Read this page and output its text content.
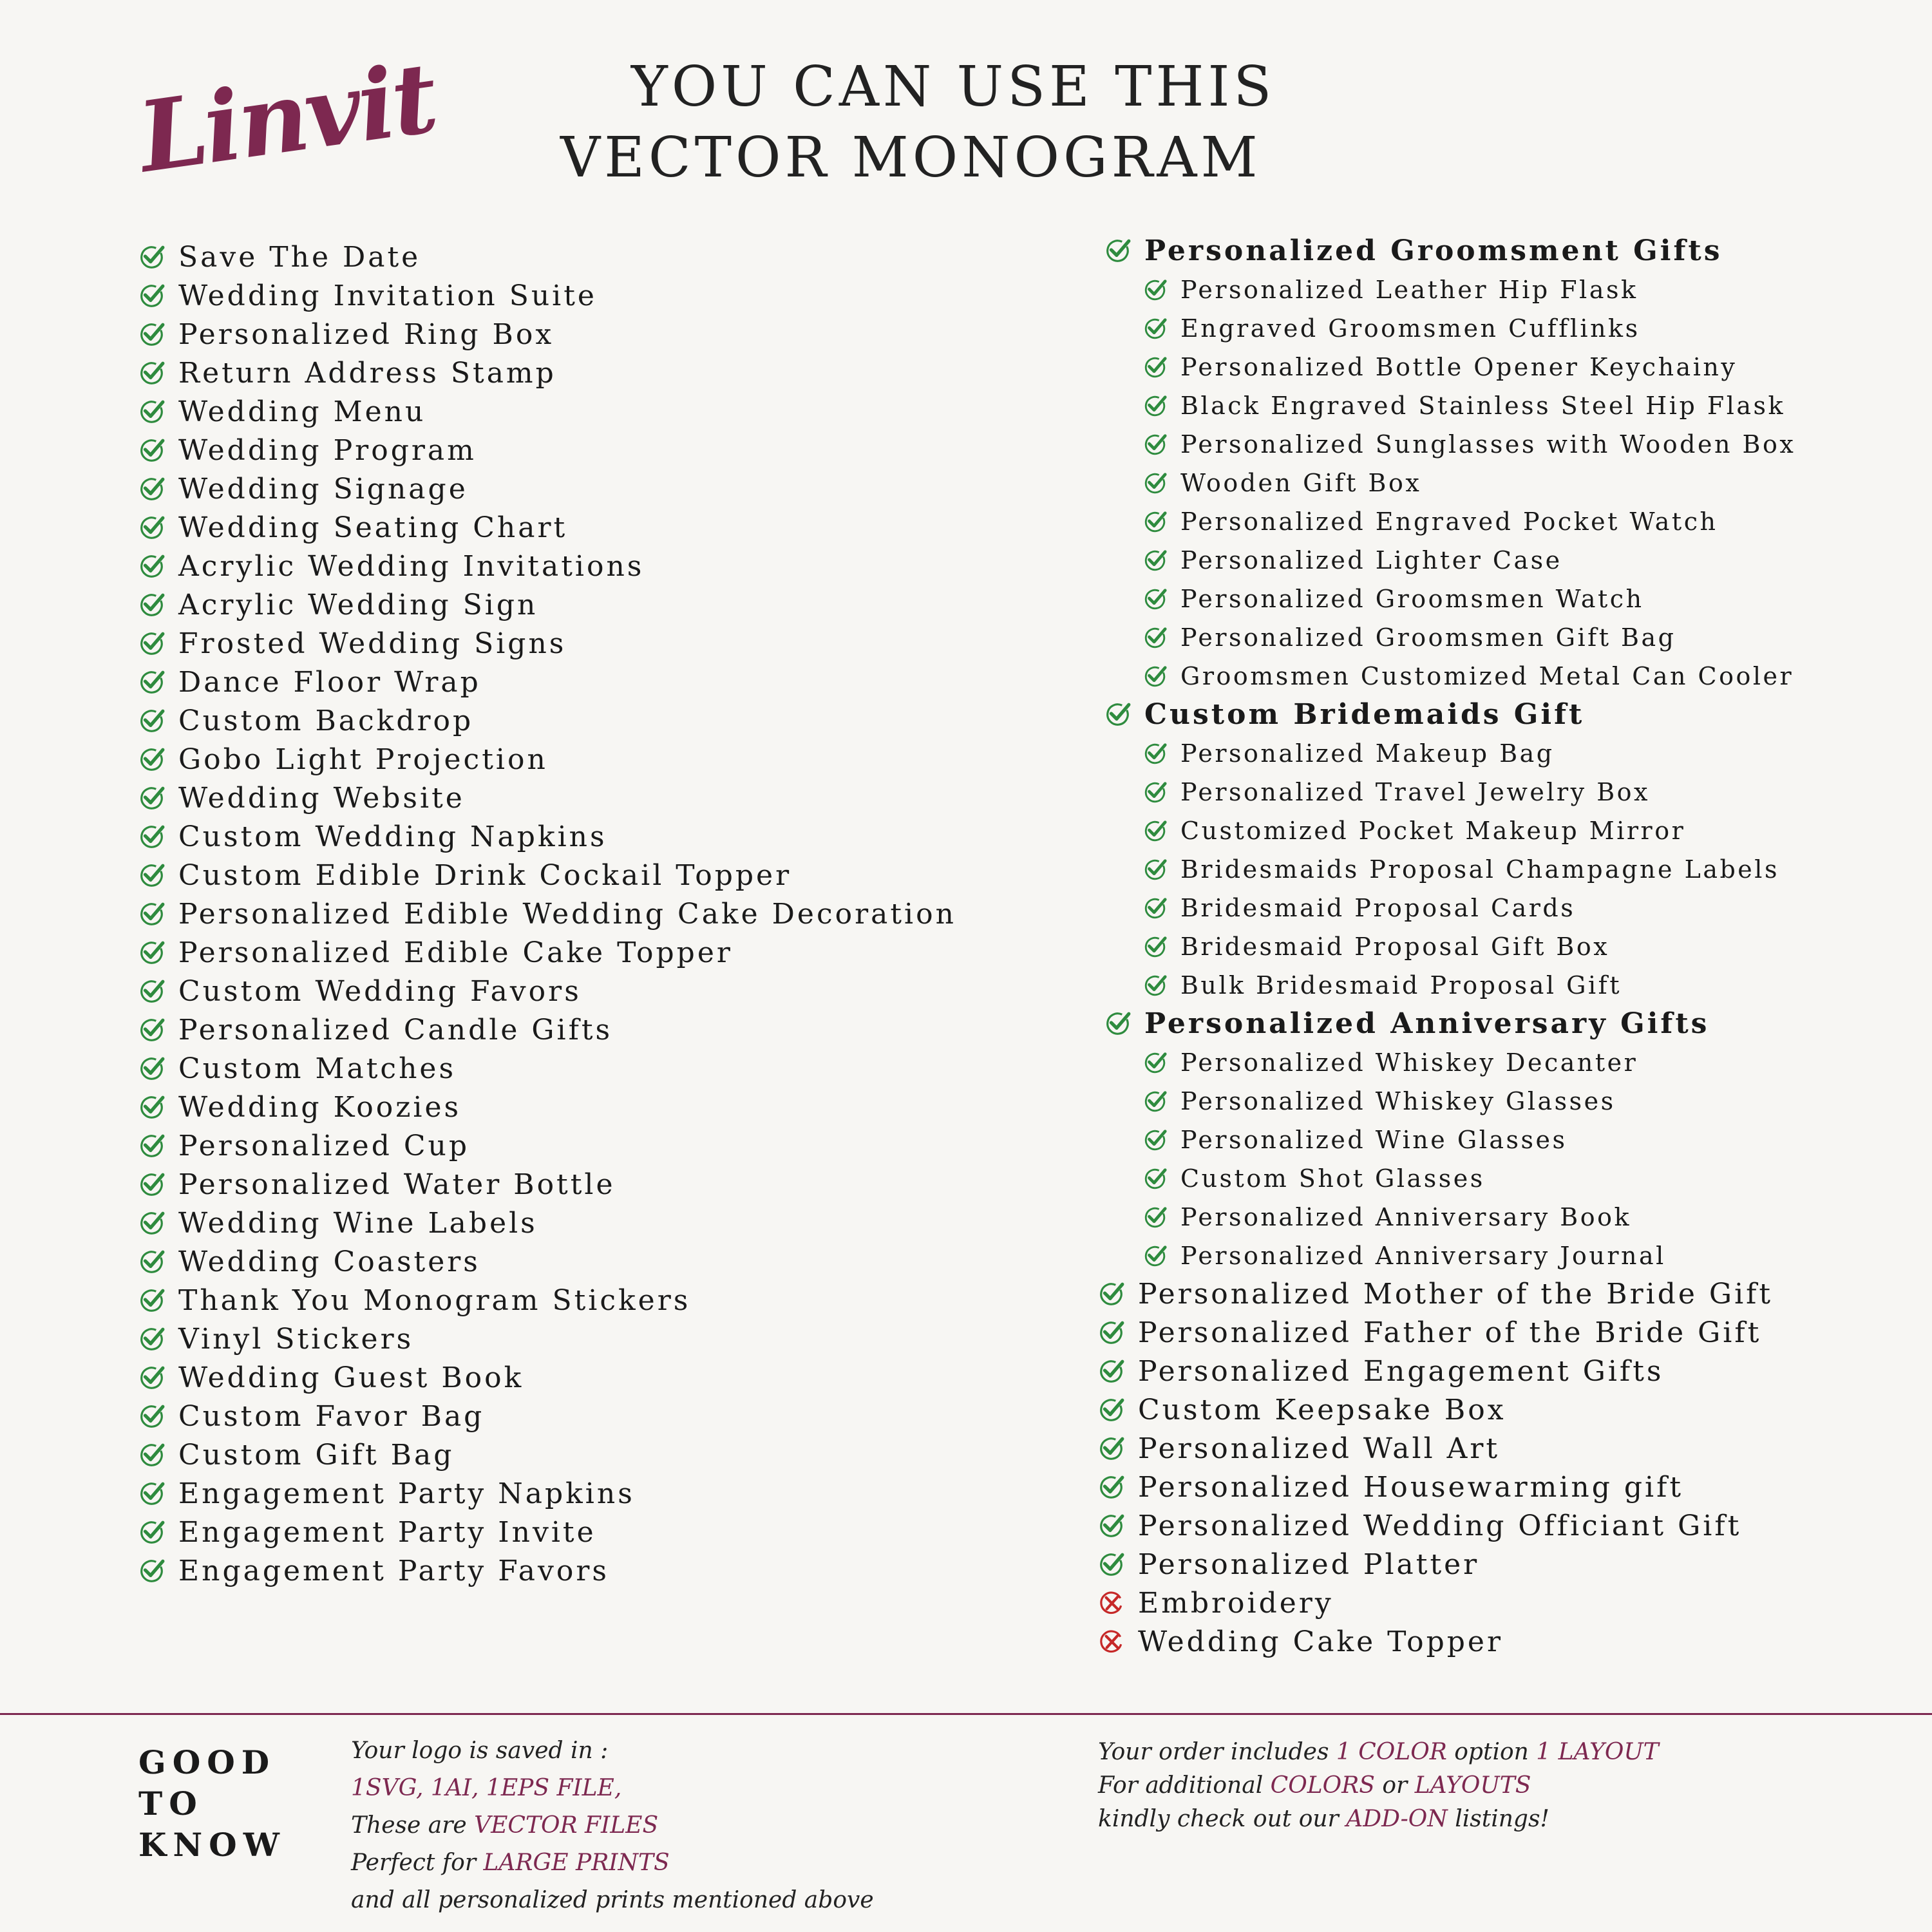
Linvit	YOU CAN USE THIS
VECTOR MONOGRAM
Save The Date
Wedding Invitation Suite
Personalized Ring Box
Return Address Stamp
Wedding Menu
Wedding Program
Wedding Signage
Wedding Seating Chart
Acrylic Wedding Invitations
Acrylic Wedding Sign
Frosted Wedding Signs
Dance Floor Wrap
Custom Backdrop
Gobo Light Projection
Wedding Website
Custom Wedding Napkins
Custom Edible Drink Cockail Topper
Personalized Edible Wedding Cake Decoration
Personalized Edible Cake Topper
Custom Wedding Favors
Personalized Candle Gifts
Custom Matches
Wedding Koozies
Personalized Cup
Personalized Water Bottle
Wedding Wine Labels
Wedding Coasters
Thank You Monogram Stickers
Vinyl Stickers
Wedding Guest Book
Custom Favor Bag
Custom Gift Bag
Engagement Party Napkins
Engagement Party Invite
Engagement Party Favors
Personalized Groomsment Gifts
Personalized Leather Hip Flask
Engraved Groomsmen Cufflinks
Personalized Bottle Opener Keychainy
Black Engraved Stainless Steel Hip Flask
Personalized Sunglasses with Wooden Box
Wooden Gift Box
Personalized Engraved Pocket Watch
Personalized Lighter Case
Personalized Groomsmen Watch
Personalized Groomsmen Gift Bag
Groomsmen Customized Metal Can Cooler
Custom Bridemaids Gift
Personalized Makeup Bag
Personalized Travel Jewelry Box
Customized Pocket Makeup Mirror
Bridesmaids Proposal Champagne Labels
Bridesmaid Proposal Cards
Bridesmaid Proposal Gift Box
Bulk Bridesmaid Proposal Gift
Personalized Anniversary Gifts
Personalized Whiskey Decanter
Personalized Whiskey Glasses
Personalized Wine Glasses
Custom Shot Glasses
Personalized Anniversary Book
Personalized Anniversary Journal
Personalized Mother of the Bride Gift
Personalized Father of the Bride Gift
Personalized Engagement Gifts
Custom Keepsake Box
Personalized Wall Art
Personalized Housewarming gift
Personalized Wedding Officiant Gift
Personalized Platter
Embroidery
Wedding Cake Topper
GOOD
TO
KNOW
Your logo is saved in :
1SVG, 1AI, 1EPS FILE,
These are VECTOR FILES
Perfect for LARGE PRINTS
and all personalized prints mentioned above
Your order includes 1 COLOR option 1 LAYOUT
For additional COLORS or LAYOUTS
kindly check out our ADD-ON listings!
